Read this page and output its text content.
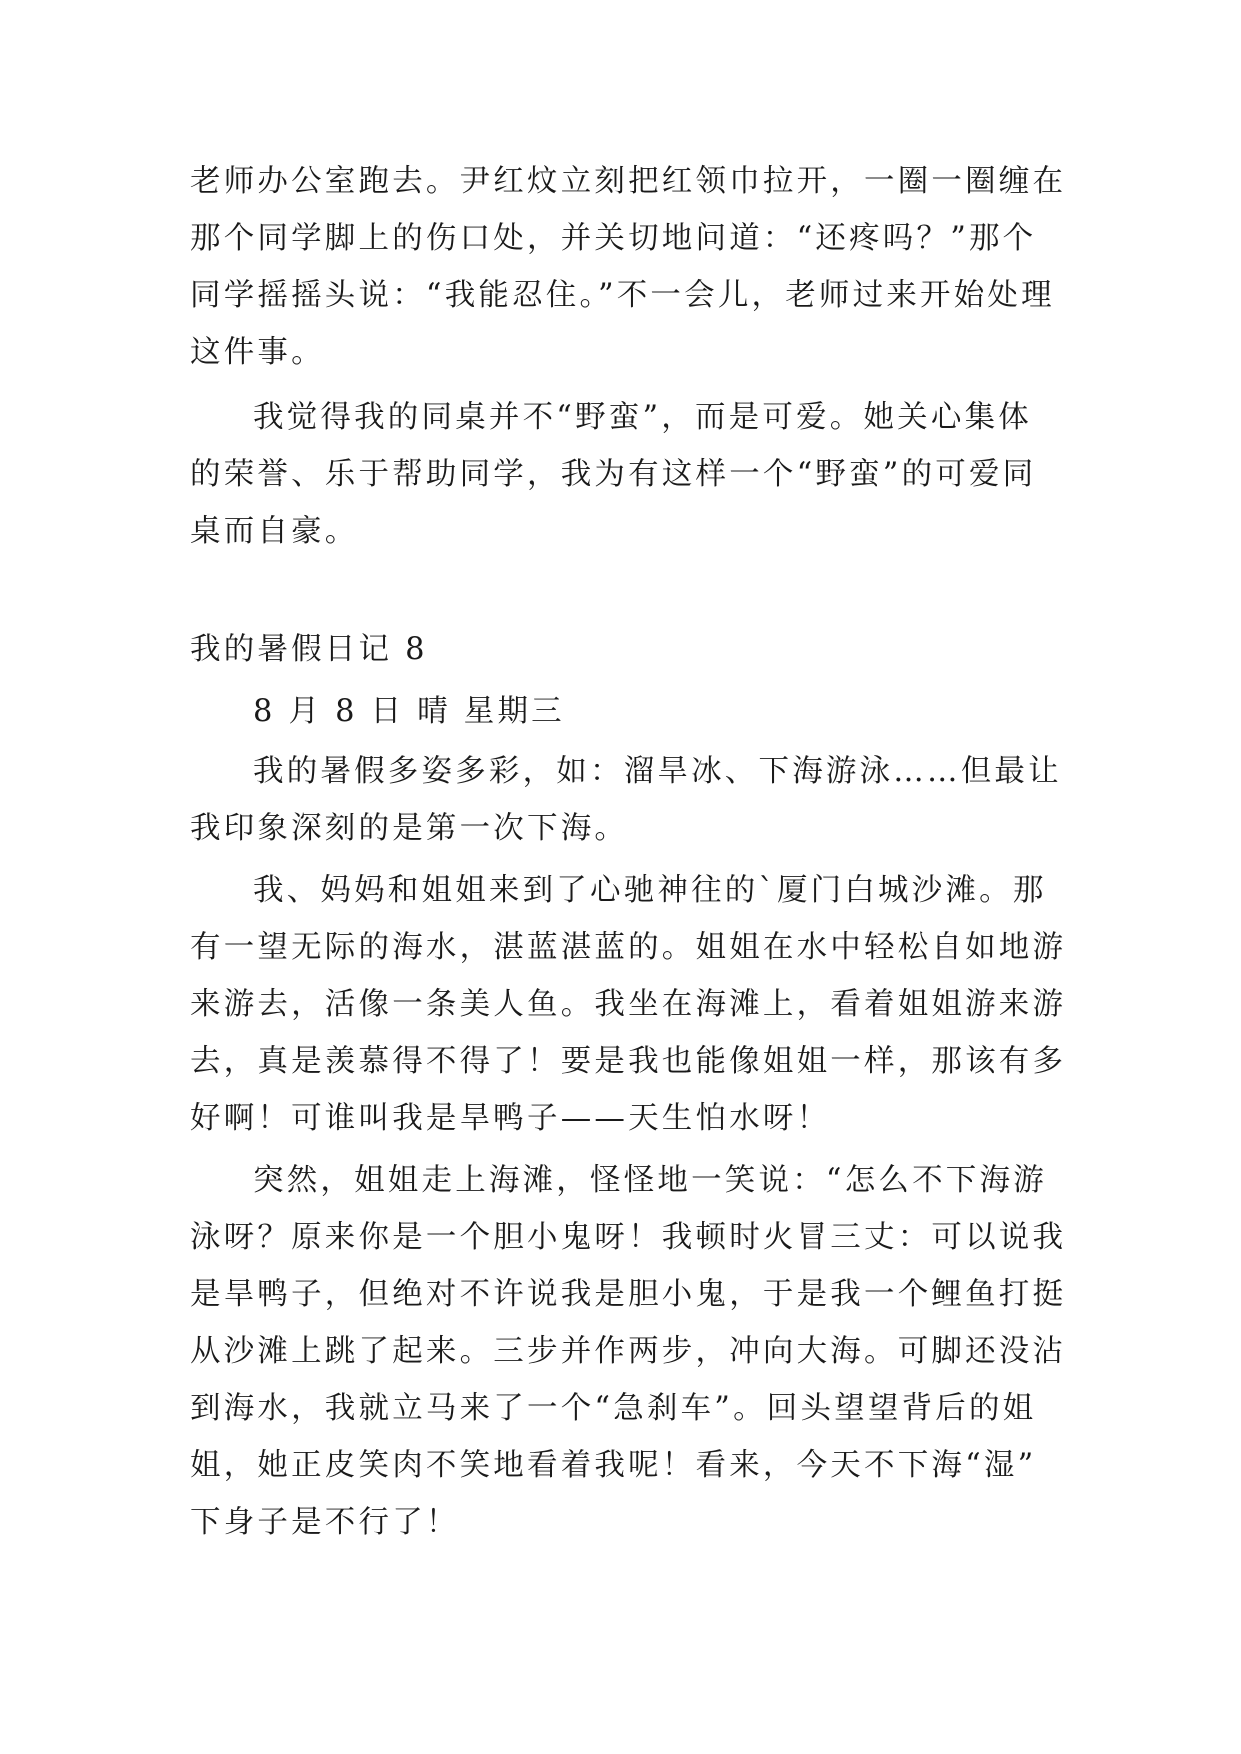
老师办公室跑去。尹红炆立刻把红领巾拉开，一圈一圈缠在
那个同学脚上的伤口处，并关切地问道：“还疼吗？”那个
同学摇摇头说：“我能忍住。”不一会儿，老师过来开始处理
这件事。
我觉得我的同桌并不“野蛮”，而是可爱。她关心集体
的荣誉、乐于帮助同学，我为有这样一个“野蛮”的可爱同
桌而自豪。
我的暑假日记 8
8 月 8 日 晴 星期三
我的暑假多姿多彩，如：溜旱冰、下海游泳……但最让
我印象深刻的是第一次下海。
我、妈妈和姐姐来到了心驰神往的`厦门白城沙滩。那
有一望无际的海水，湛蓝湛蓝的。姐姐在水中轻松自如地游
来游去，活像一条美人鱼。我坐在海滩上，看着姐姐游来游
去，真是羡慕得不得了！要是我也能像姐姐一样，那该有多
好啊！可谁叫我是旱鸭子——天生怕水呀！
突然，姐姐走上海滩，怪怪地一笑说：“怎么不下海游
泳呀？原来你是一个胆小鬼呀！我顿时火冒三丈：可以说我
是旱鸭子，但绝对不许说我是胆小鬼，于是我一个鲤鱼打挺
从沙滩上跳了起来。三步并作两步，冲向大海。可脚还没沾
到海水，我就立马来了一个“急刹车”。回头望望背后的姐
姐，她正皮笑肉不笑地看着我呢！看来，今天不下海“湿”
下身子是不行了！
